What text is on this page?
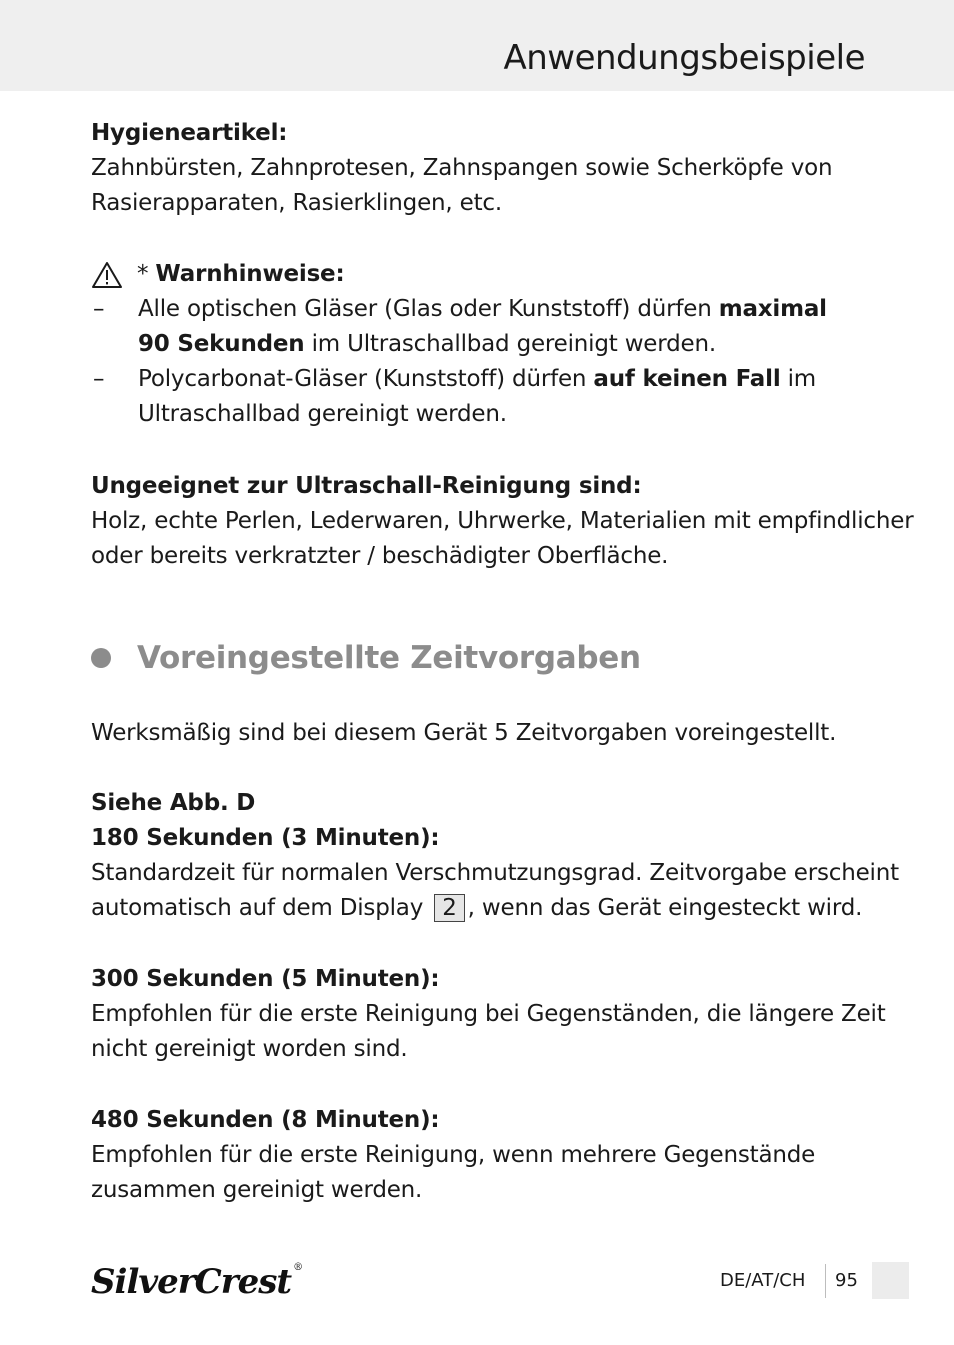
Anwendungsbeispiele
Hygieneartikel:
Zahnbürsten, Zahnprotesen, Zahnspangen sowie Scherköpfe von
Rasierapparaten, Rasierklingen, etc.
* Warnhinweise:
–	Alle optischen Gläser (Glas oder Kunststoff) dürfen maximal
90 Sekunden im Ultraschallbad gereinigt werden.
–	Polycarbonat-Gläser (Kunststoff) dürfen auf keinen Fall im
Ultraschallbad gereinigt werden.
Ungeeignet zur Ultraschall-Reinigung sind:
Holz, echte Perlen, Lederwaren, Uhrwerke, Materialien mit empfindlicher
oder bereits verkratzter / beschädigter Oberfläche.
Voreingestellte Zeitvorgaben
Werksmäßig sind bei diesem Gerät 5 Zeitvorgaben voreingestellt.
Siehe Abb. D
180 Sekunden (3 Minuten):
Standardzeit für normalen Verschmutzungsgrad. Zeitvorgabe erscheint
automatisch auf dem Display 2 , wenn das Gerät eingesteckt wird.
300 Sekunden (5 Minuten):
Empfohlen für die erste Reinigung bei Gegenständen, die längere Zeit
nicht gereinigt worden sind.
480 Sekunden (8 Minuten):
Empfohlen für die erste Reinigung, wenn mehrere Gegenstände
zusammen gereinigt werden.
SilverCrest ®
DE/AT/CH 95
